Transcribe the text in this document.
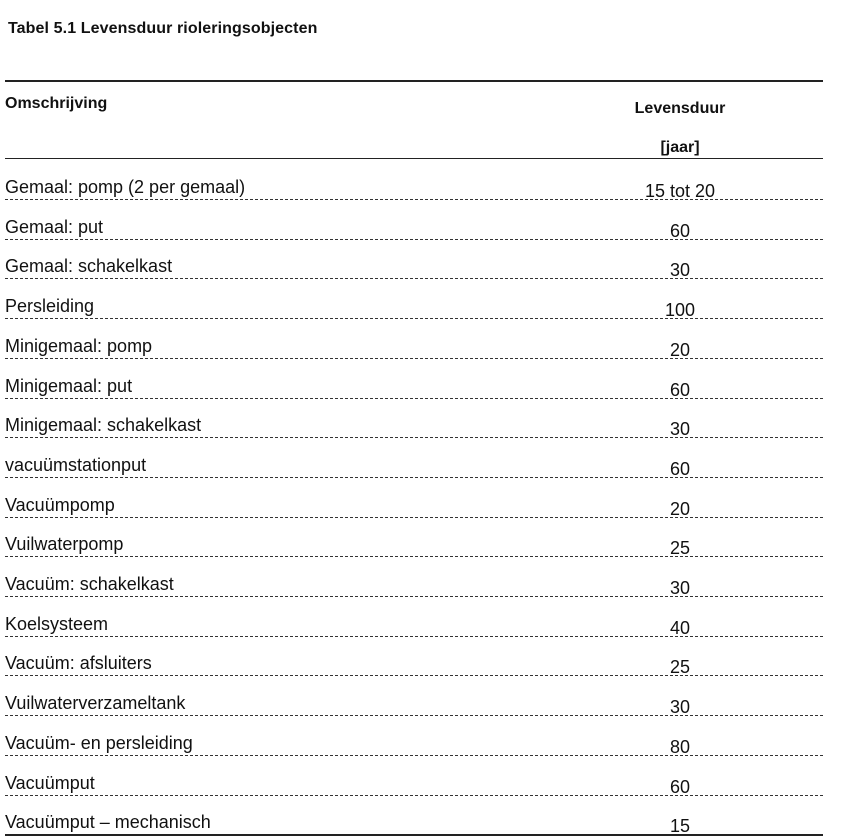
Tabel 5.1 Levensduur rioleringsobjecten
Omschrijving	Levensduur
[jaar]
Gemaal: pomp (2 per gemaal)	15 tot 20
Gemaal: put	60
Gemaal: schakelkast	30
Persleiding	100
Minigemaal: pomp	20
Minigemaal: put	60
Minigemaal: schakelkast	30
vacuümstationput	60
Vacuümpomp	20
Vuilwaterpomp	25
Vacuüm: schakelkast	30
Koelsysteem	40
Vacuüm: afsluiters	25
Vuilwaterverzameltank	30
Vacuüm- en persleiding	80
Vacuümput	60
Vacuümput – mechanisch	15
